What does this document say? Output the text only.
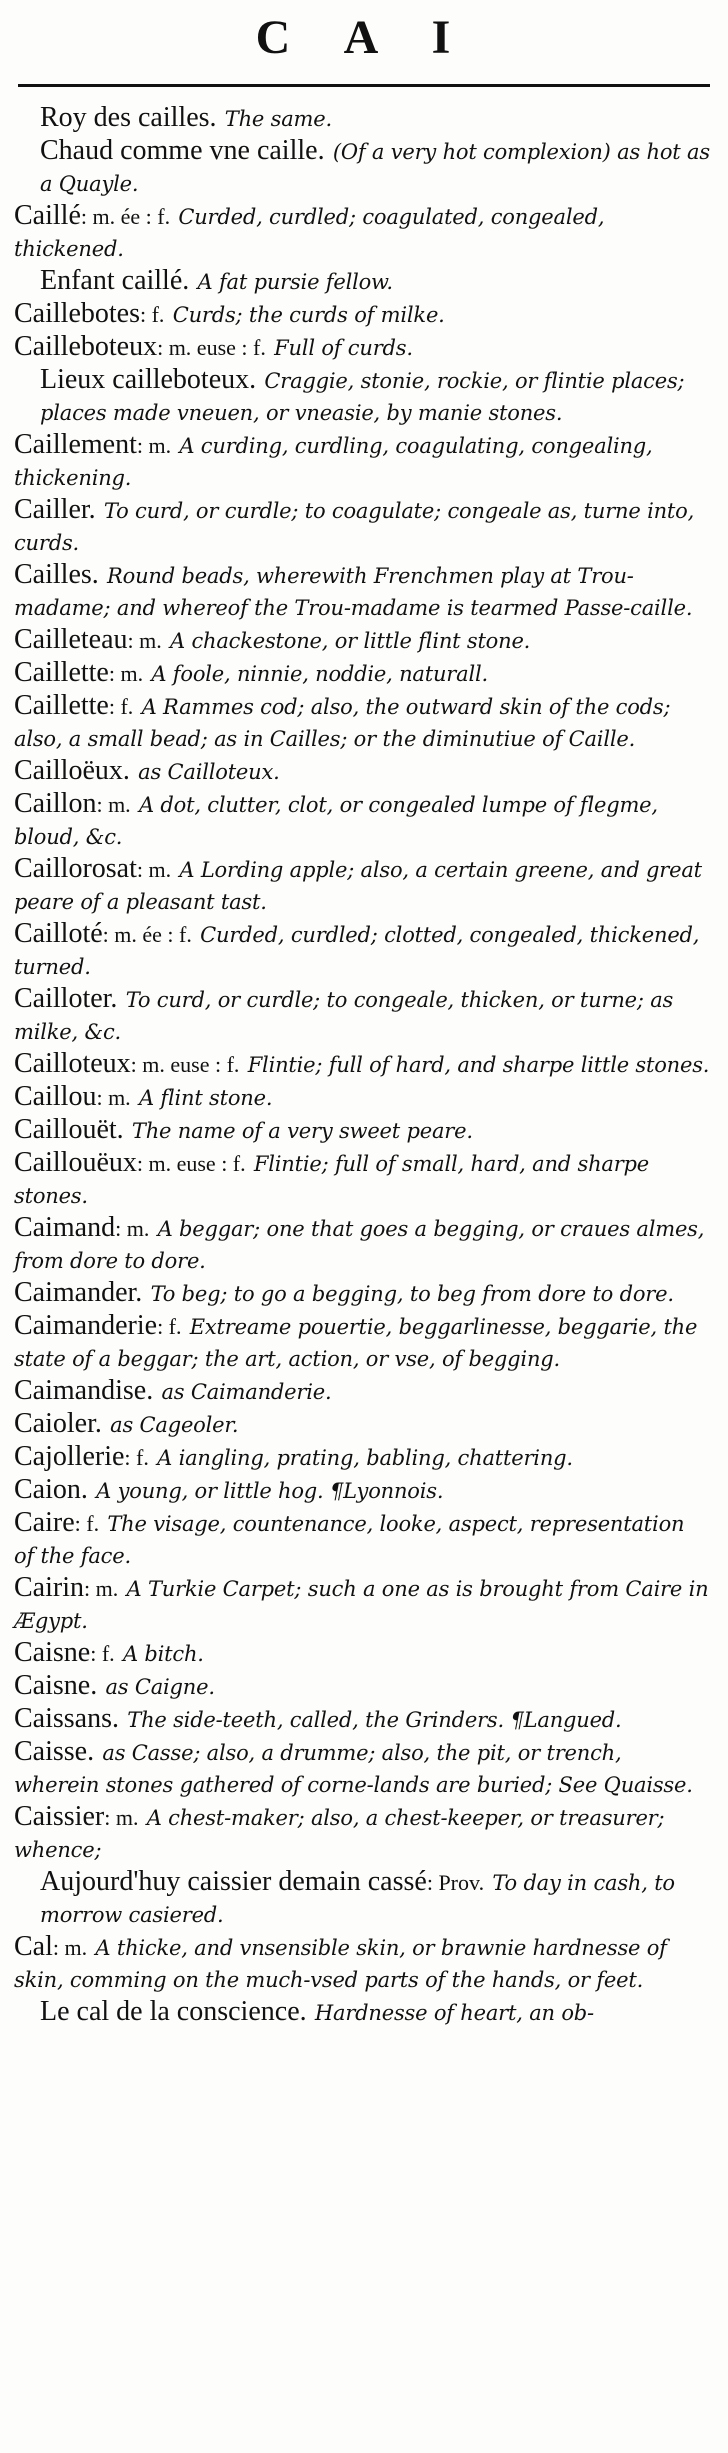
C A I

Roy des cailles. The same.

Chaud comme vne caille. (Of a very hot complexion) as hot as a Quayle.

Caillé: m. ée : f. Curded, curdled; coagulated, congealed, thickened.

Enfant caillé. A fat pursie fellow.

Caillebotes: f. Curds; the curds of milke.

Cailleboteux: m. euse : f. Full of curds.

Lieux cailleboteux. Craggie, stonie, rockie, or flintie places; places made vneuen, or vneasie, by manie stones.

Caillement: m. A curding, curdling, coagulating, congealing, thickening.

Cailler. To curd, or curdle; to coagulate; congeale as, turne into, curds.

Cailles. Round beads, wherewith Frenchmen play at Trou-madame; and whereof the Trou-madame is tearmed Passe-caille.

Cailleteau: m. A chackestone, or little flint stone.

Caillette: m. A foole, ninnie, noddie, naturall.

Caillette: f. A Rammes cod; also, the outward skin of the cods; also, a small bead; as in Cailles; or the diminutiue of Caille.

Cailloëux. as Cailloteux.

Caillon: m. A dot, clutter, clot, or congealed lumpe of flegme, bloud, &c.

Caillorosat: m. A Lording apple; also, a certain greene, and great peare of a pleasant tast.

Cailloté: m. ée : f. Curded, curdled; clotted, congealed, thickened, turned.

Cailloter. To curd, or curdle; to congeale, thicken, or turne; as milke, &c.

Cailloteux: m. euse : f. Flintie; full of hard, and sharpe little stones.

Caillou: m. A flint stone.

Caillouët. The name of a very sweet peare.

Caillouëux: m. euse : f. Flintie; full of small, hard, and sharpe stones.

Caimand: m. A beggar; one that goes a begging, or craues almes, from dore to dore.

Caimander. To beg; to go a begging, to beg from dore to dore.

Caimanderie: f. Extreame pouertie, beggarlinesse, beggarie, the state of a beggar; the art, action, or vse, of begging.

Caimandise. as Caimanderie.

Caioler. as Cageoler.

Cajollerie: f. A iangling, prating, babling, chattering.

Caion. A young, or little hog. ¶Lyonnois.

Caire: f. The visage, countenance, looke, aspect, representation of the face.

Cairin: m. A Turkie Carpet; such a one as is brought from Caire in Ægypt.

Caisne: f. A bitch.

Caisne. as Caigne.

Caissans. The side-teeth, called, the Grinders. ¶Langued.

Caisse. as Casse; also, a drumme; also, the pit, or trench, wherein stones gathered of corne-lands are buried; See Quaisse.

Caissier: m. A chest-maker; also, a chest-keeper, or treasurer; whence;

Aujourd'huy caissier demain cassé: Prov. To day in cash, to morrow casiered.

Cal: m. A thicke, and vnsensible skin, or brawnie hardnesse of skin, comming on the much-vsed parts of the hands, or feet.

Le cal de la conscience. Hardnesse of heart, an ob-
